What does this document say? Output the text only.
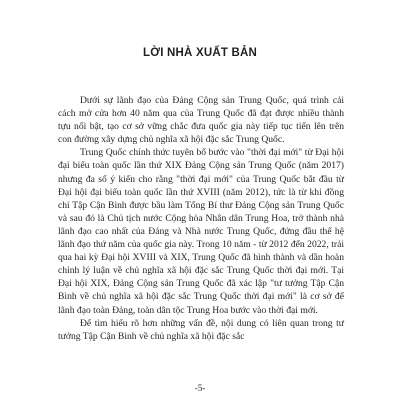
LỜI NHÀ XUẤT BẢN

Dưới sự lãnh đạo của Đảng Cộng sản Trung Quốc, quá trình cải cách mở cửa hơn 40 năm qua của Trung Quốc đã đạt được nhiều thành tựu nổi bật, tạo cơ sở vững chắc đưa quốc gia này tiếp tục tiến lên trên con đường xây dựng chủ nghĩa xã hội đặc sắc Trung Quốc.

Trung Quốc chính thức tuyên bố bước vào "thời đại mới" từ Đại hội đại biểu toàn quốc lần thứ XIX Đảng Cộng sản Trung Quốc (năm 2017) nhưng đa số ý kiến cho rằng "thời đại mới" của Trung Quốc bắt đầu từ Đại hội đại biểu toàn quốc lần thứ XVIII (năm 2012), tức là từ khi đồng chí Tập Cận Bình được bầu làm Tổng Bí thư Đảng Cộng sản Trung Quốc và sau đó là Chủ tịch nước Cộng hòa Nhân dân Trung Hoa, trở thành nhà lãnh đạo cao nhất của Đảng và Nhà nước Trung Quốc, đứng đầu thế hệ lãnh đạo thứ năm của quốc gia này. Trong 10 năm - từ 2012 đến 2022, trải qua hai kỳ Đại hội XVIII và XIX, Trung Quốc đã hình thành và dần hoàn chỉnh lý luận về chủ nghĩa xã hội đặc sắc Trung Quốc thời đại mới. Tại Đại hội XIX, Đảng Cộng sản Trung Quốc đã xác lập "tư tưởng Tập Cận Bình về chủ nghĩa xã hội đặc sắc Trung Quốc thời đại mới" là cơ sở để lãnh đạo toàn Đảng, toàn dân tộc Trung Hoa bước vào thời đại mới.

Để tìm hiểu rõ hơn những vấn đề, nội dung có liên quan trong tư tưởng Tập Cận Bình về chủ nghĩa xã hội đặc sắc

-5-
